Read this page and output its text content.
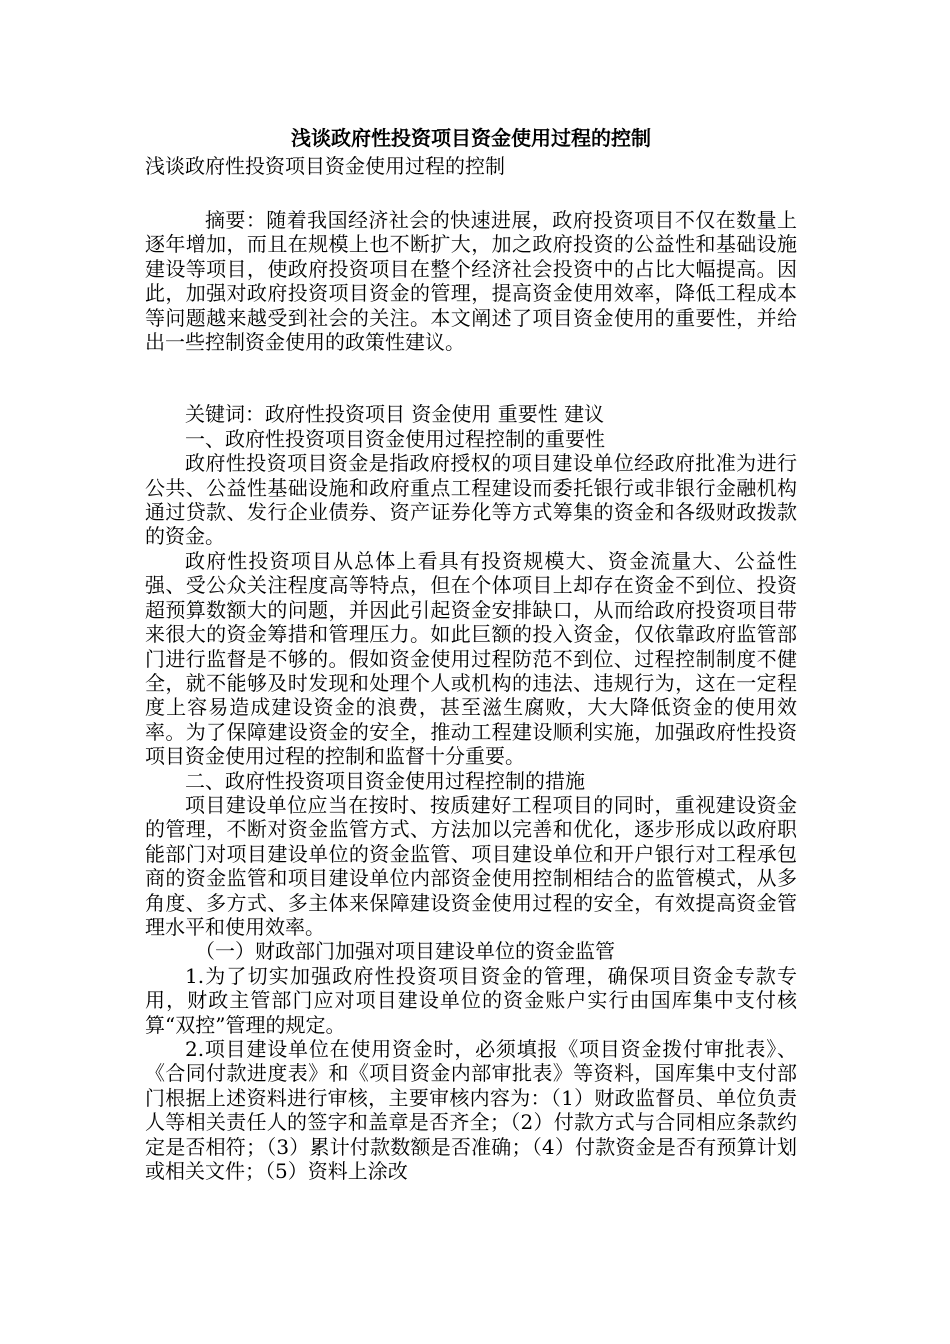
浅谈政府性投资项目资金使用过程的控制

浅谈政府性投资项目资金使用过程的控制

摘要：随着我国经济社会的快速进展，政府投资项目不仅在数量上逐年增加，而且在规模上也不断扩大，加之政府投资的公益性和基础设施建设等项目，使政府投资项目在整个经济社会投资中的占比大幅提高。因此，加强对政府投资项目资金的管理，提高资金使用效率，降低工程成本等问题越来越受到社会的关注。本文阐述了项目资金使用的重要性，并给出一些控制资金使用的政策性建议。

关键词：政府性投资项目 资金使用 重要性 建议

一、政府性投资项目资金使用过程控制的重要性

政府性投资项目资金是指政府授权的项目建设单位经政府批准为进行公共、公益性基础设施和政府重点工程建设而委托银行或非银行金融机构通过贷款、发行企业债券、资产证券化等方式筹集的资金和各级财政拨款的资金。

政府性投资项目从总体上看具有投资规模大、资金流量大、公益性强、受公众关注程度高等特点，但在个体项目上却存在资金不到位、投资超预算数额大的问题，并因此引起资金安排缺口，从而给政府投资项目带来很大的资金筹措和管理压力。如此巨额的投入资金，仅依靠政府监管部门进行监督是不够的。假如资金使用过程防范不到位、过程控制制度不健全，就不能够及时发现和处理个人或机构的违法、违规行为，这在一定程度上容易造成建设资金的浪费，甚至滋生腐败，大大降低资金的使用效率。为了保障建设资金的安全，推动工程建设顺利实施，加强政府性投资项目资金使用过程的控制和监督十分重要。

二、政府性投资项目资金使用过程控制的措施

项目建设单位应当在按时、按质建好工程项目的同时，重视建设资金的管理，不断对资金监管方式、方法加以完善和优化，逐步形成以政府职能部门对项目建设单位的资金监管、项目建设单位和开户银行对工程承包商的资金监管和项目建设单位内部资金使用控制相结合的监管模式，从多角度、多方式、多主体来保障建设资金使用过程的安全，有效提高资金管理水平和使用效率。

（一）财政部门加强对项目建设单位的资金监管

1.为了切实加强政府性投资项目资金的管理，确保项目资金专款专用，财政主管部门应对项目建设单位的资金账户实行由国库集中支付核算“双控”管理的规定。

2.项目建设单位在使用资金时，必须填报《项目资金拨付审批表》、《合同付款进度表》和《项目资金内部审批表》等资料，国库集中支付部门根据上述资料进行审核，主要审核内容为：（1）财政监督员、单位负责人等相关责任人的签字和盖章是否齐全；（2）付款方式与合同相应条款约定是否相符；（3）累计付款数额是否准确；（4）付款资金是否有预算计划或相关文件；（5）资料上涂改
